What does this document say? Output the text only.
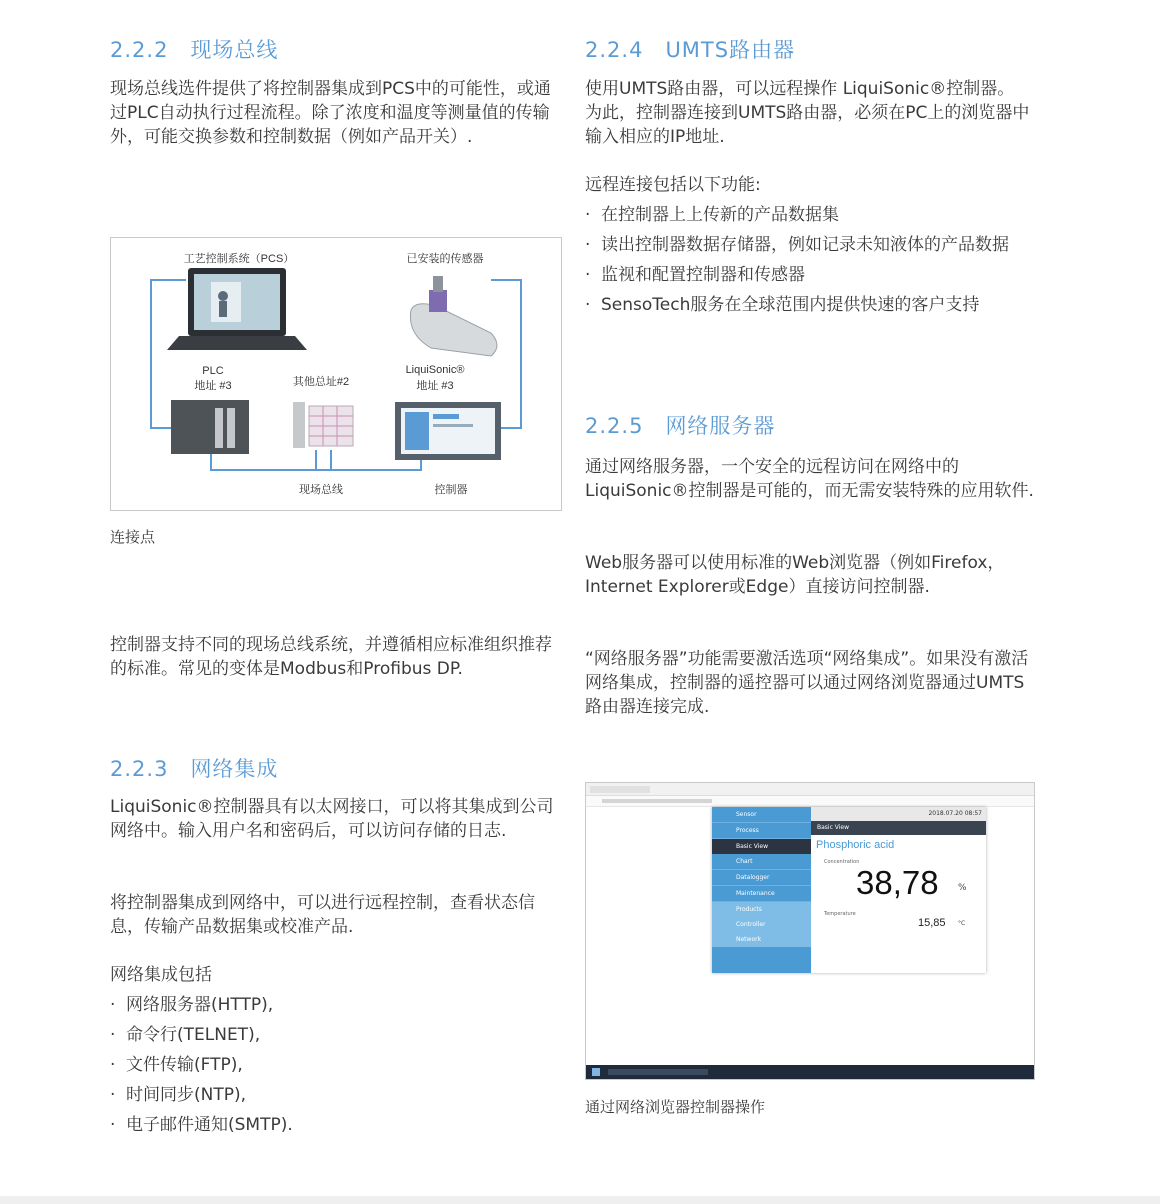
2.2.2 现场总线

现场总线选件提供了将控制器集成到PCS中的可能性，或通过PLC自动执行过程流程。除了浓度和温度等测量值的传输外，可能交换参数和控制数据（例如产品开关）.

工艺控制系统（PCS）	已安装的传感器
PLC
地址 #3	其他总址#2
LiquiSonic®
地址 #3
现场总线	控制器
连接点

控制器支持不同的现场总线系统，并遵循相应标准组织推荐的标准。常见的变体是Modbus和Profibus DP.

2.2.3 网络集成

LiquiSonic®控制器具有以太网接口，可以将其集成到公司网络中。输入用户名和密码后，可以访问存储的日志.

将控制器集成到网络中，可以进行远程控制，查看状态信息，传输产品数据集或校准产品.

网络集成包括

· 网络服务器(HTTP),
· 命令行(TELNET),
· 文件传输(FTP),
· 时间同步(NTP),
· 电子邮件通知(SMTP).
2.2.4 UMTS路由器

使用UMTS路由器，可以远程操作 LiquiSonic®控制器。为此，控制器连接到UMTS路由器，必须在PC上的浏览器中输入相应的IP地址.

远程连接包括以下功能:

· 在控制器上上传新的产品数据集
· 读出控制器数据存储器，例如记录未知液体的产品数据
· 监视和配置控制器和传感器
· SensoTech服务在全球范围内提供快速的客户支持
2.2.5 网络服务器

通过网络服务器，一个安全的远程访问在网络中的LiquiSonic®控制器是可能的，而无需安装特殊的应用软件.

Web服务器可以使用标准的Web浏览器（例如Firefox，Internet Explorer或Edge）直接访问控制器.

“网络服务器”功能需要激活选项“网络集成”。如果没有激活网络集成，控制器的遥控器可以通过网络浏览器通过UMTS路由器连接完成.

Sensor
Process
Basic View
Chart
Datalogger
Maintenance
Products
Controller
Network
2018.07.20 08:57
Basic View
Phosphoric acid
Concentration
38,78 %
Temperature
15,85 °C
通过网络浏览器控制器操作
